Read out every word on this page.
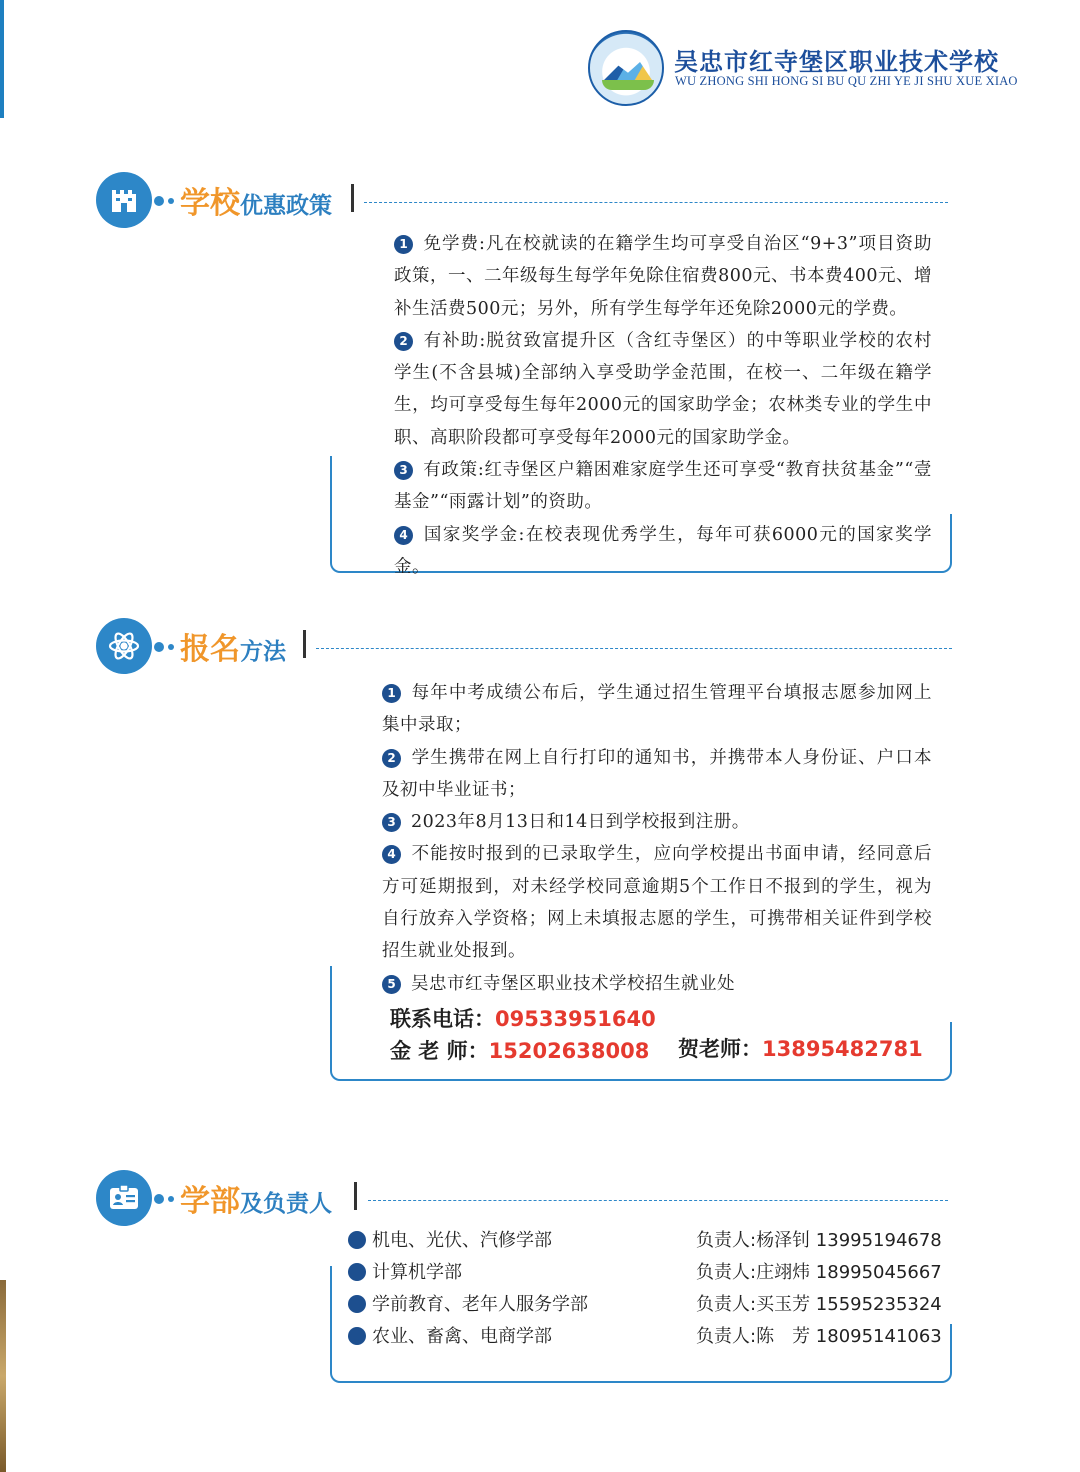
吴忠市红寺堡区职业技术学校
WU ZHONG SHI HONG SI BU QU ZHI YE JI SHU XUE XIAO
学校优惠政策

1 免学费:凡在校就读的在籍学生均可享受自治区“9+3”项目资助政策，一、二年级每生每学年免除住宿费800元、书本费400元、增补生活费500元；另外，所有学生每学年还免除2000元的学费。

2 有补助:脱贫致富提升区（含红寺堡区）的中等职业学校的农村学生(不含县城)全部纳入享受助学金范围，在校一、二年级在籍学生，均可享受每生每年2000元的国家助学金；农林类专业的学生中职、高职阶段都可享受每年2000元的国家助学金。

3 有政策:红寺堡区户籍困难家庭学生还可享受“教育扶贫基金”“壹基金”“雨露计划”的资助。

4 国家奖学金:在校表现优秀学生，每年可获6000元的国家奖学金。

报名方法

1 每年中考成绩公布后，学生通过招生管理平台填报志愿参加网上集中录取；

2 学生携带在网上自行打印的通知书，并携带本人身份证、户口本及初中毕业证书；

3 2023年8月13日和14日到学校报到注册。

4 不能按时报到的已录取学生，应向学校提出书面申请，经同意后方可延期报到，对未经学校同意逾期5个工作日不报到的学生，视为自行放弃入学资格；网上未填报志愿的学生，可携带相关证件到学校招生就业处报到。

5 吴忠市红寺堡区职业技术学校招生就业处

联系电话：09533951640
金 老 师：15202638008 贺老师：13895482781
学部及负责人
机电、光伏、汽修学部	负责人:杨泽钊 13995194678
计算机学部	负责人:庄翊炜 18995045667
学前教育、老年人服务学部	负责人:买玉芳 15595235324
农业、畜禽、电商学部	负责人:陈　芳 18095141063
